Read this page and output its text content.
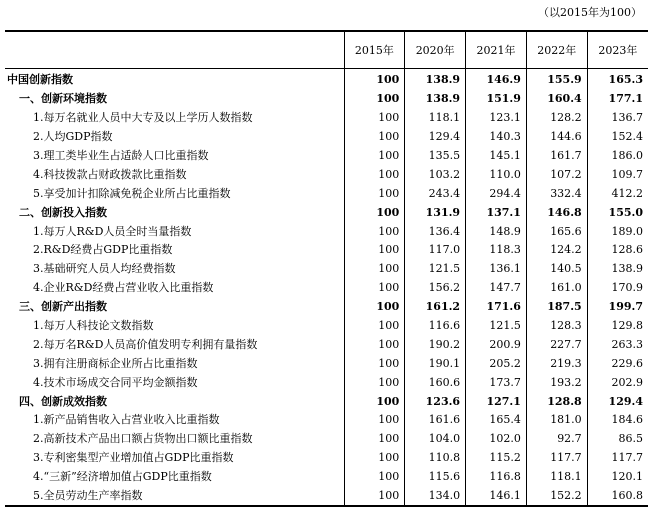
（以2015年为100）
	2015年	2020年	2021年	2022年	2023年
中国创新指数	100	138.9	146.9	155.9	165.3
一、创新环境指数	100	138.9	151.9	160.4	177.1
1.每万名就业人员中大专及以上学历人数指数	100	118.1	123.1	128.2	136.7
2.人均GDP指数	100	129.4	140.3	144.6	152.4
3.理工类毕业生占适龄人口比重指数	100	135.5	145.1	161.7	186.0
4.科技拨款占财政拨款比重指数	100	103.2	110.0	107.2	109.7
5.享受加计扣除减免税企业所占比重指数	100	243.4	294.4	332.4	412.2
二、创新投入指数	100	131.9	137.1	146.8	155.0
1.每万人R&D人员全时当量指数	100	136.4	148.9	165.6	189.0
2.R&D经费占GDP比重指数	100	117.0	118.3	124.2	128.6
3.基础研究人员人均经费指数	100	121.5	136.1	140.5	138.9
4.企业R&D经费占营业收入比重指数	100	156.2	147.7	161.0	170.9
三、创新产出指数	100	161.2	171.6	187.5	199.7
1.每万人科技论文数指数	100	116.6	121.5	128.3	129.8
2.每万名R&D人员高价值发明专利拥有量指数	100	190.2	200.9	227.7	263.3
3.拥有注册商标企业所占比重指数	100	190.1	205.2	219.3	229.6
4.技术市场成交合同平均金额指数	100	160.6	173.7	193.2	202.9
四、创新成效指数	100	123.6	127.1	128.8	129.4
1.新产品销售收入占营业收入比重指数	100	161.6	165.4	181.0	184.6
2.高新技术产品出口额占货物出口额比重指数	100	104.0	102.0	92.7	86.5
3.专利密集型产业增加值占GDP比重指数	100	110.8	115.2	117.7	117.7
4.“三新”经济增加值占GDP比重指数	100	115.6	116.8	118.1	120.1
5.全员劳动生产率指数	100	134.0	146.1	152.2	160.8
